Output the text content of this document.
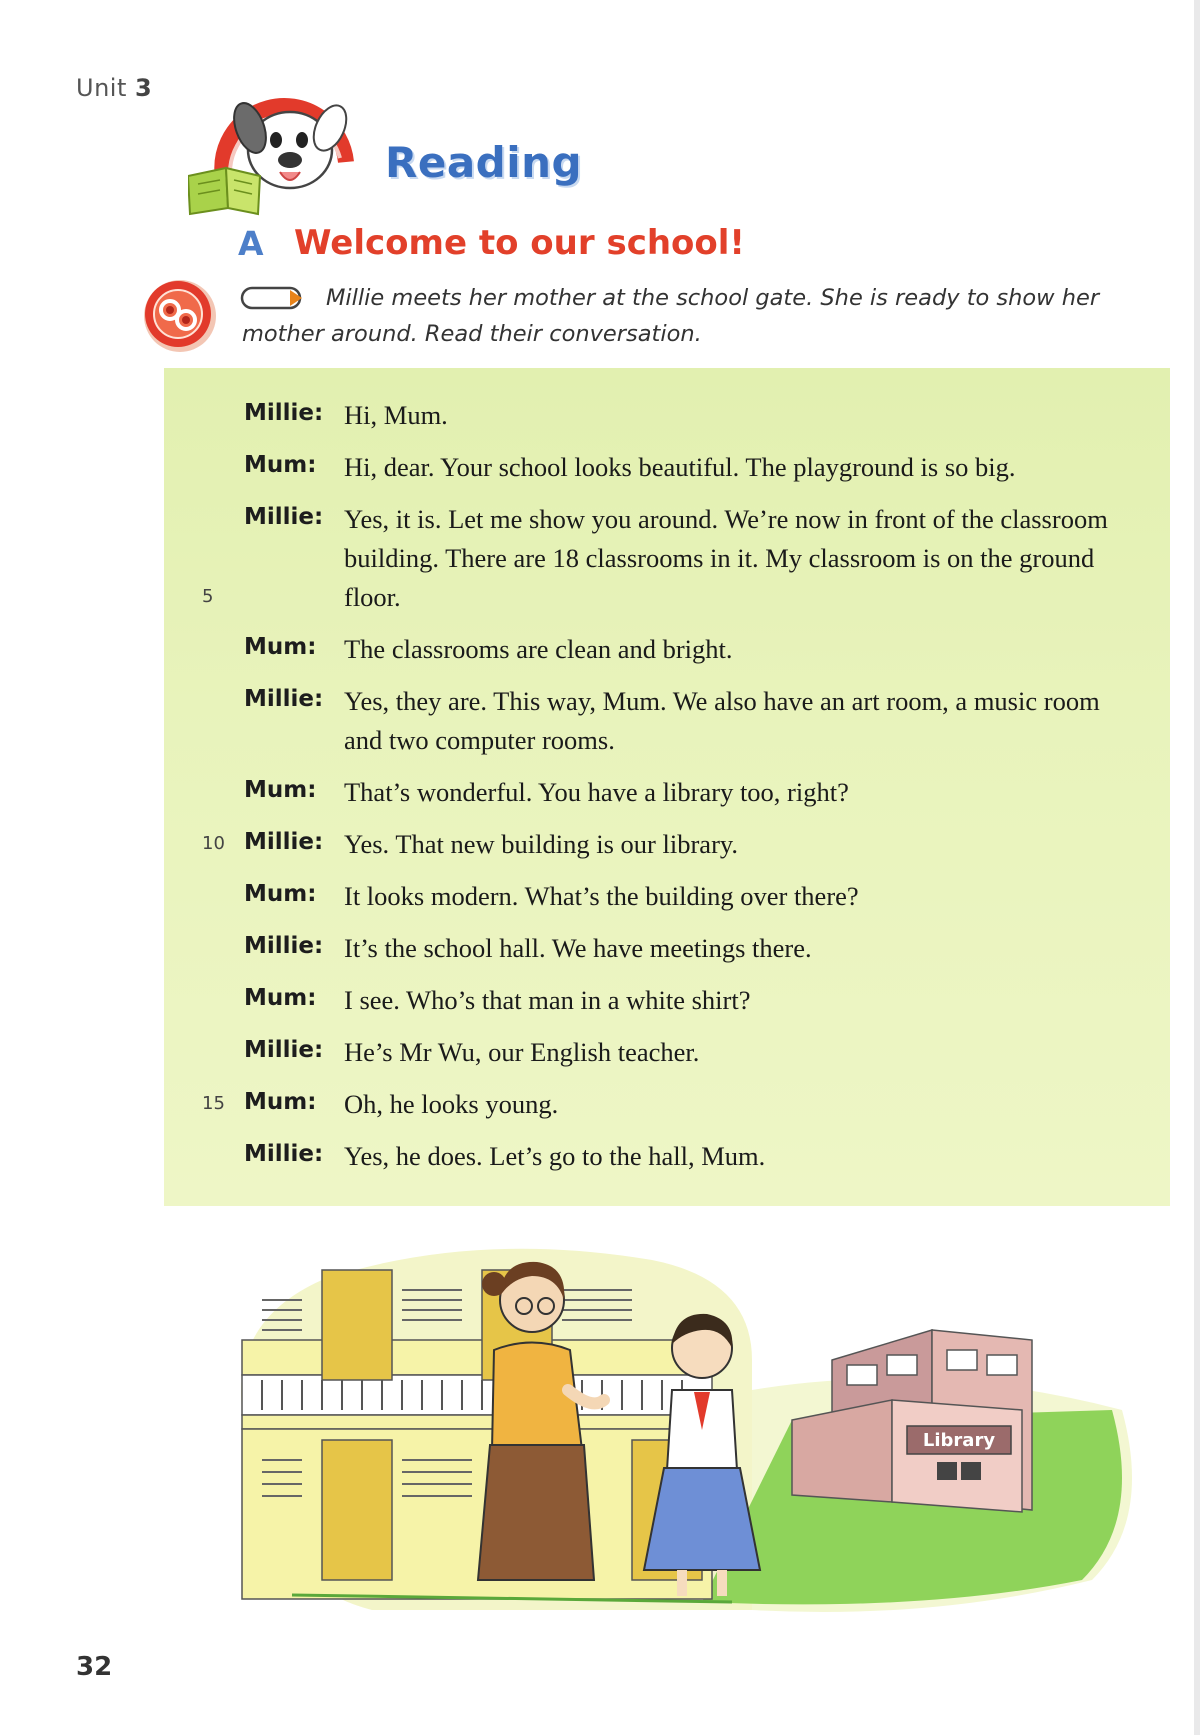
Unit 3
Reading
A Welcome to our school!
Millie meets her mother at the school gate. She is ready to show her mother around. Read their conversation.
Millie: Hi, Mum.
Mum:	Hi, dear. Your school looks beautiful. The playground is so big.
5
Millie: Yes, it is. Let me show you around. We’re now in front of the classroom building. There are 18 classrooms in it. My classroom is on the ground floor.
Mum:	The classrooms are clean and bright.
Millie: Yes, they are. This way, Mum. We also have an art room, a music room and two computer rooms.
Mum:	That’s wonderful. You have a library too, right?
10 Millie: Yes. That new building is our library.
Mum:	It looks modern. What’s the building over there?
Millie: It’s the school hall. We have meetings there.
Mum:	I see. Who’s that man in a white shirt?
Millie: He’s Mr Wu, our English teacher.
15 Mum:	Oh, he looks young.
Millie: Yes, he does. Let’s go to the hall, Mum.
Library
32
